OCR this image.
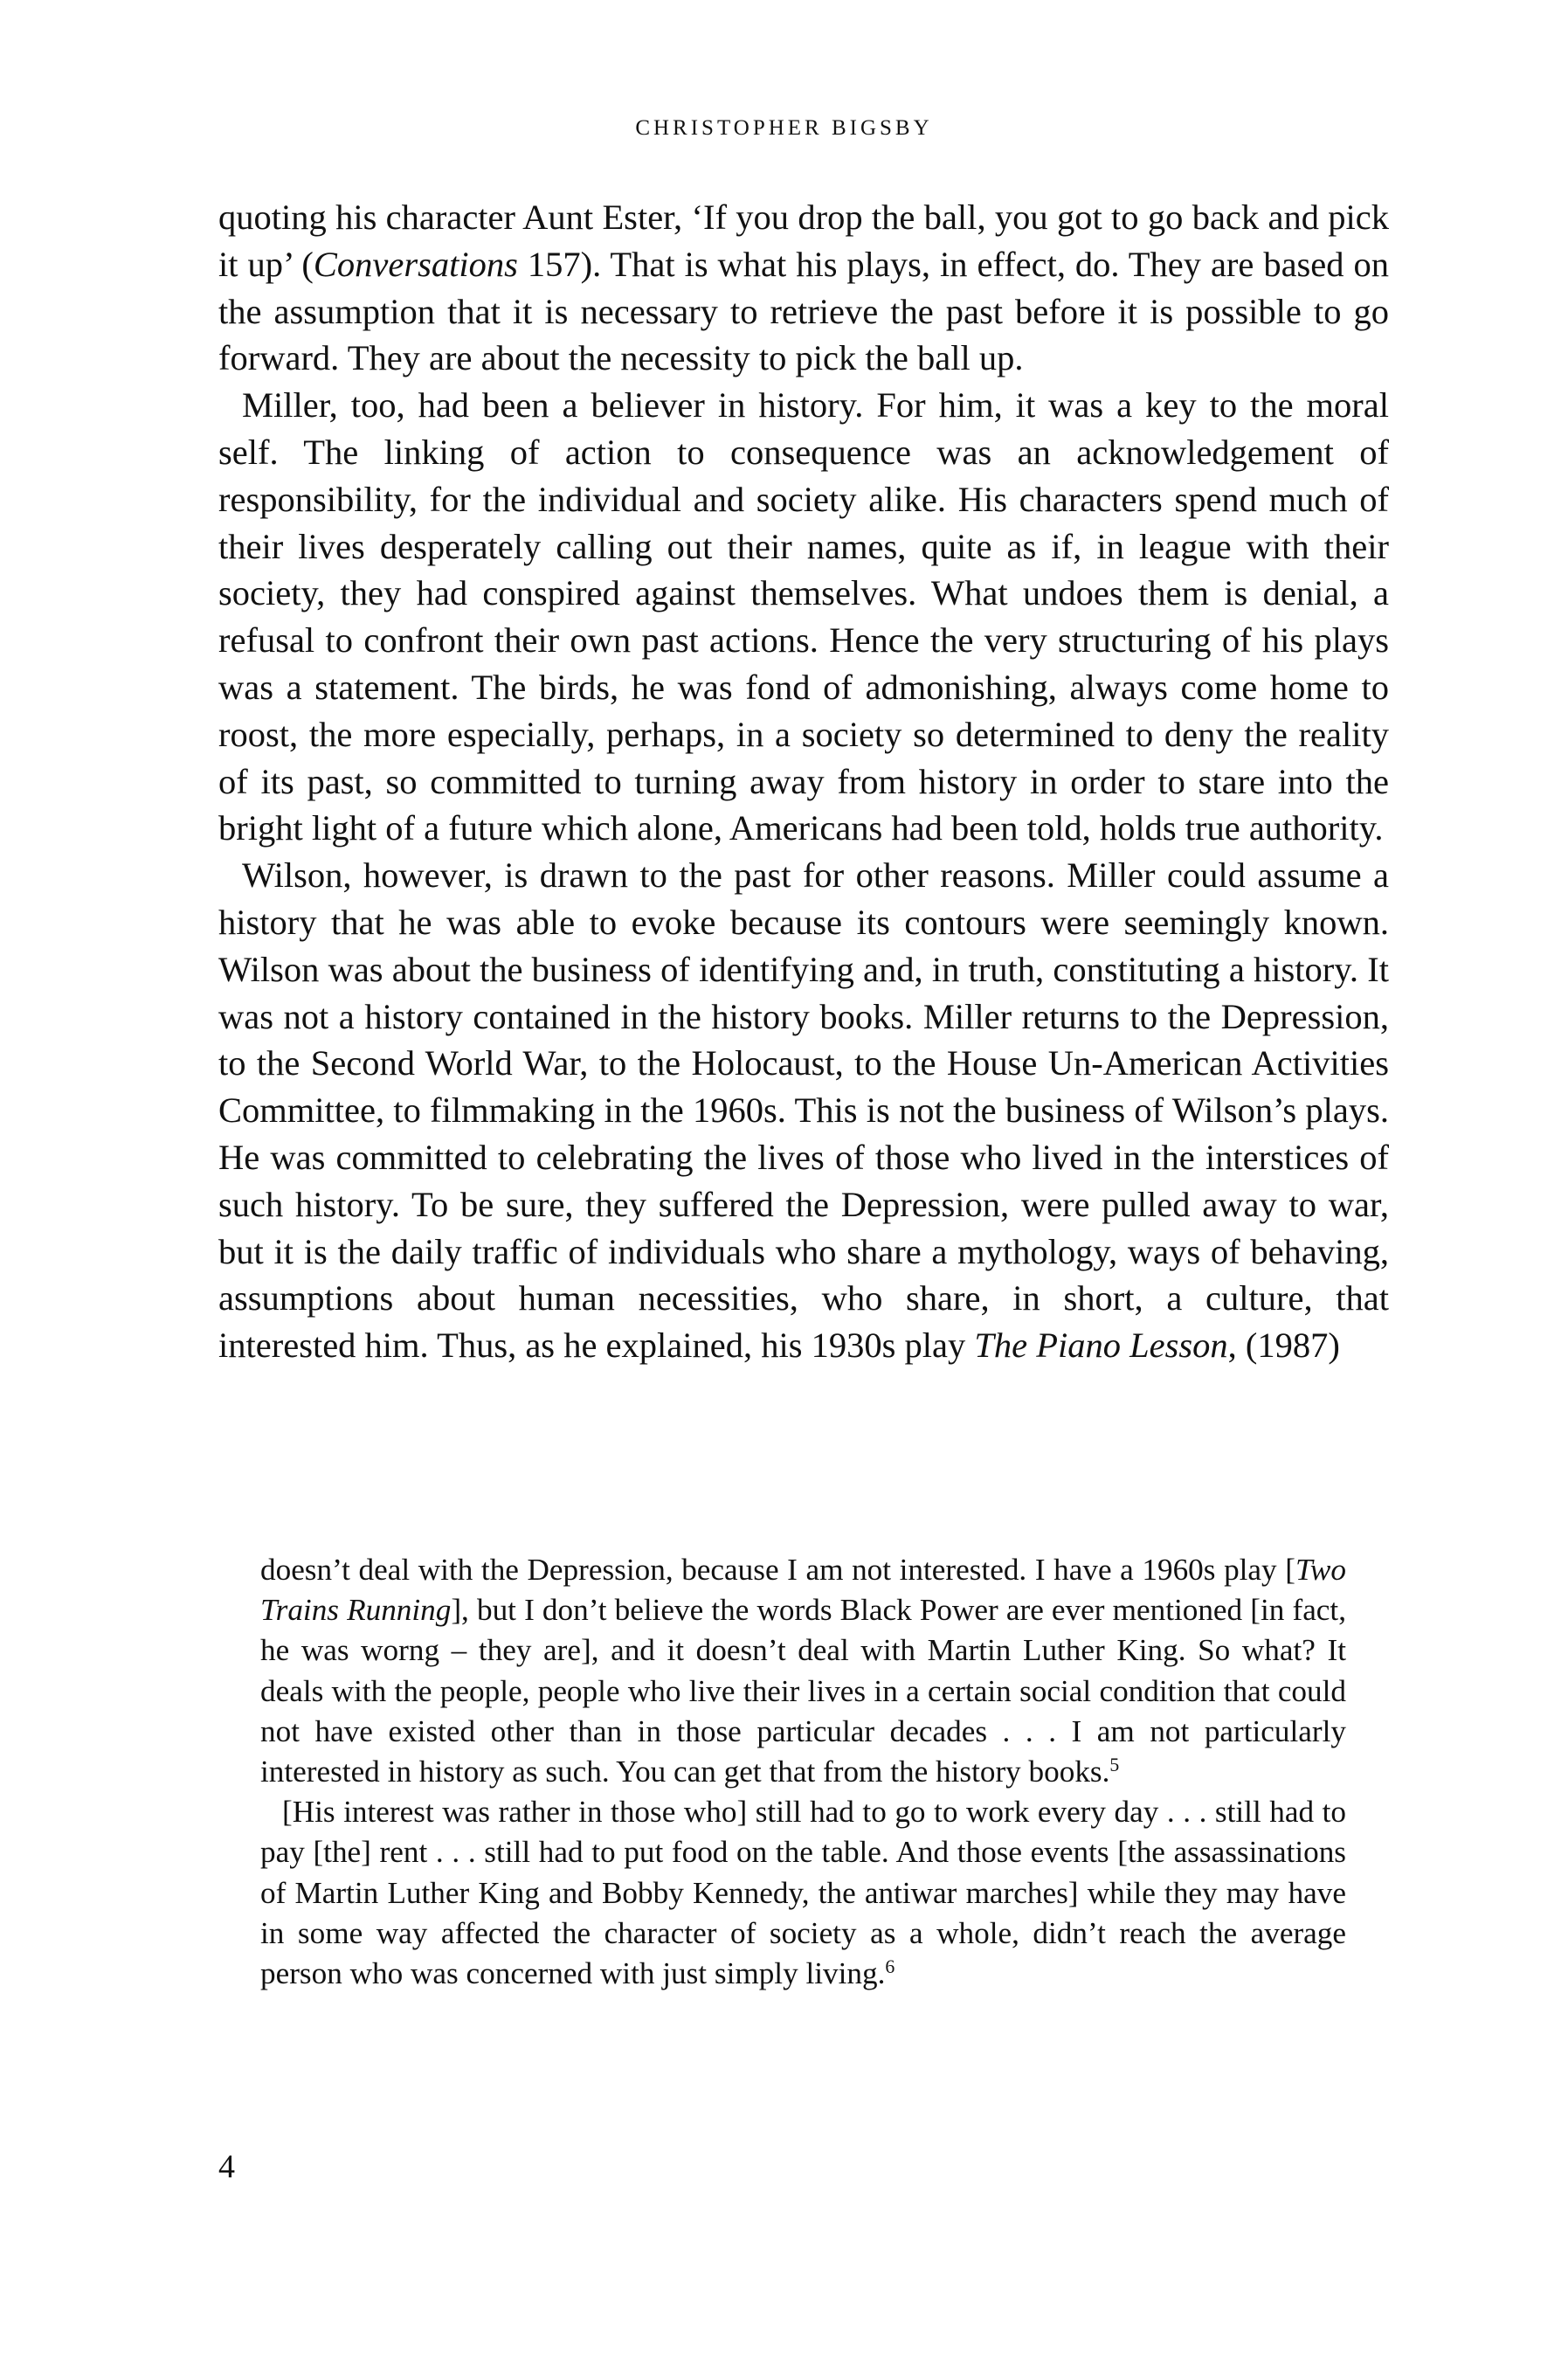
CHRISTOPHER BIGSBY

quoting his character Aunt Ester, ‘If you drop the ball, you got to go back and pick it up’ (Conversations 157). That is what his plays, in effect, do. They are based on the assumption that it is necessary to retrieve the past before it is possible to go forward. They are about the necessity to pick the ball up.

Miller, too, had been a believer in history. For him, it was a key to the moral self. The linking of action to consequence was an acknowledgement of responsibility, for the individual and society alike. His characters spend much of their lives desperately calling out their names, quite as if, in league with their society, they had conspired against themselves. What undoes them is denial, a refusal to confront their own past actions. Hence the very structuring of his plays was a statement. The birds, he was fond of admonishing, always come home to roost, the more especially, perhaps, in a society so determined to deny the reality of its past, so committed to turning away from history in order to stare into the bright light of a future which alone, Americans had been told, holds true authority.

Wilson, however, is drawn to the past for other reasons. Miller could assume a history that he was able to evoke because its contours were seemingly known. Wilson was about the business of identifying and, in truth, constituting a history. It was not a history contained in the history books. Miller returns to the Depression, to the Second World War, to the Holocaust, to the House Un-American Activities Committee, to filmmaking in the 1960s. This is not the business of Wilson’s plays. He was committed to celebrating the lives of those who lived in the interstices of such history. To be sure, they suffered the Depression, were pulled away to war, but it is the daily traffic of individuals who share a mythology, ways of behaving, assumptions about human necessities, who share, in short, a culture, that interested him. Thus, as he explained, his 1930s play The Piano Lesson, (1987)

doesn’t deal with the Depression, because I am not interested. I have a 1960s play [Two Trains Running], but I don’t believe the words Black Power are ever mentioned [in fact, he was worng – they are], and it doesn’t deal with Martin Luther King. So what? It deals with the people, people who live their lives in a certain social condition that could not have existed other than in those particular decades . . . I am not particularly interested in history as such. You can get that from the history books.$^5$

[His interest was rather in those who] still had to go to work every day . . . still had to pay [the] rent . . . still had to put food on the table. And those events [the assassinations of Martin Luther King and Bobby Kennedy, the antiwar marches] while they may have in some way affected the character of society as a whole, didn’t reach the average person who was concerned with just simply living.$^6$

4
